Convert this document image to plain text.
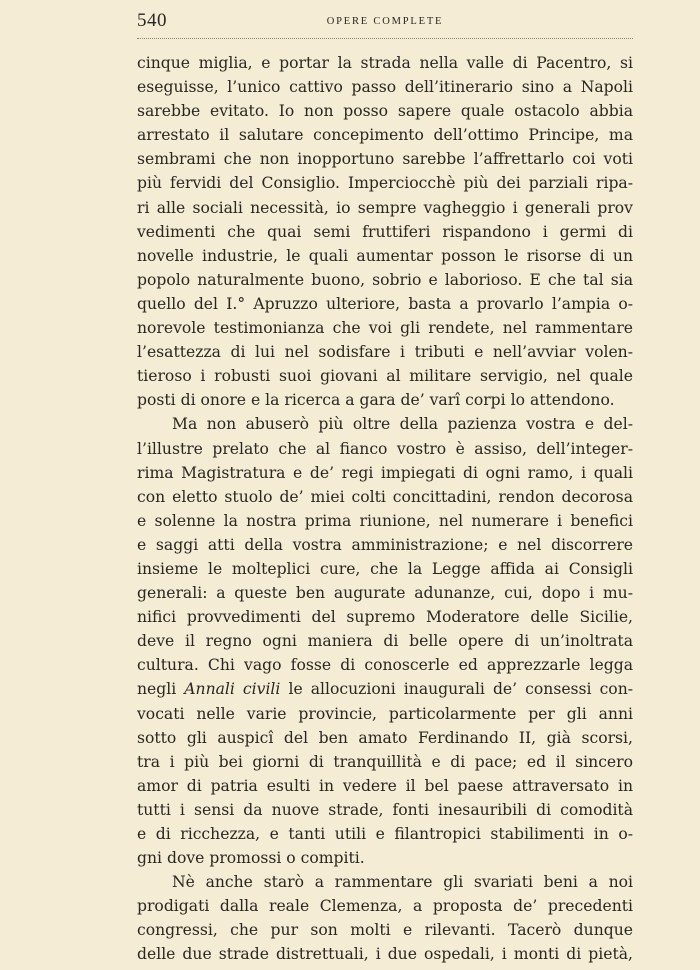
540	OPERE COMPLETE
cinque miglia, e portar la strada nella valle di Pacentro, si
eseguisse, l’unico cattivo passo dell’itinerario sino a Napoli
sarebbe evitato. Io non posso sapere quale ostacolo abbia
arrestato il salutare concepimento dell’ottimo Principe, ma
sembrami che non inopportuno sarebbe l’affrettarlo coi voti
più fervidi del Consiglio. Imperciocchè più dei parziali ripa-
ri alle sociali necessità, io sempre vagheggio i generali prov
vedimenti che quai semi fruttiferi rispandono i germi di
novelle industrie, le quali aumentar posson le risorse di un
popolo naturalmente buono, sobrio e laborioso. E che tal sia
quello del I.° Apruzzo ulteriore, basta a provarlo l’ampia o-
norevole testimonianza che voi gli rendete, nel rammentare
l’esattezza di lui nel sodisfare i tributi e nell’avviar volen-
tieroso i robusti suoi giovani al militare servigio, nel quale
posti di onore e la ricerca a gara de’ varî corpi lo attendono.
Ma non abuserò più oltre della pazienza vostra e del-
l’illustre prelato che al fianco vostro è assiso, dell’integer-
rima Magistratura e de’ regi impiegati di ogni ramo, i quali
con eletto stuolo de’ miei colti concittadini, rendon decorosa
e solenne la nostra prima riunione, nel numerare i benefici
e saggi atti della vostra amministrazione; e nel discorrere
insieme le molteplici cure, che la Legge affida ai Consigli
generali: a queste ben augurate adunanze, cui, dopo i mu-
nifici provvedimenti del supremo Moderatore delle Sicilie,
deve il regno ogni maniera di belle opere di un’inoltrata
cultura. Chi vago fosse di conoscerle ed apprezzarle legga
negli Annali civili le allocuzioni inaugurali de’ consessi con-
vocati nelle varie provincie, particolarmente per gli anni
sotto gli auspicî del ben amato Ferdinando II, già scorsi,
tra i più bei giorni di tranquillità e di pace; ed il sincero
amor di patria esulti in vedere il bel paese attraversato in
tutti i sensi da nuove strade, fonti inesauribili di comodità
e di ricchezza, e tanti utili e filantropici stabilimenti in o-
gni dove promossi o compiti.
Nè anche starò a rammentare gli svariati beni a noi
prodigati dalla reale Clemenza, a proposta de’ precedenti
congressi, che pur son molti e rilevanti. Tacerò dunque
delle due strade distrettuali, i due ospedali, i monti di pietà,
